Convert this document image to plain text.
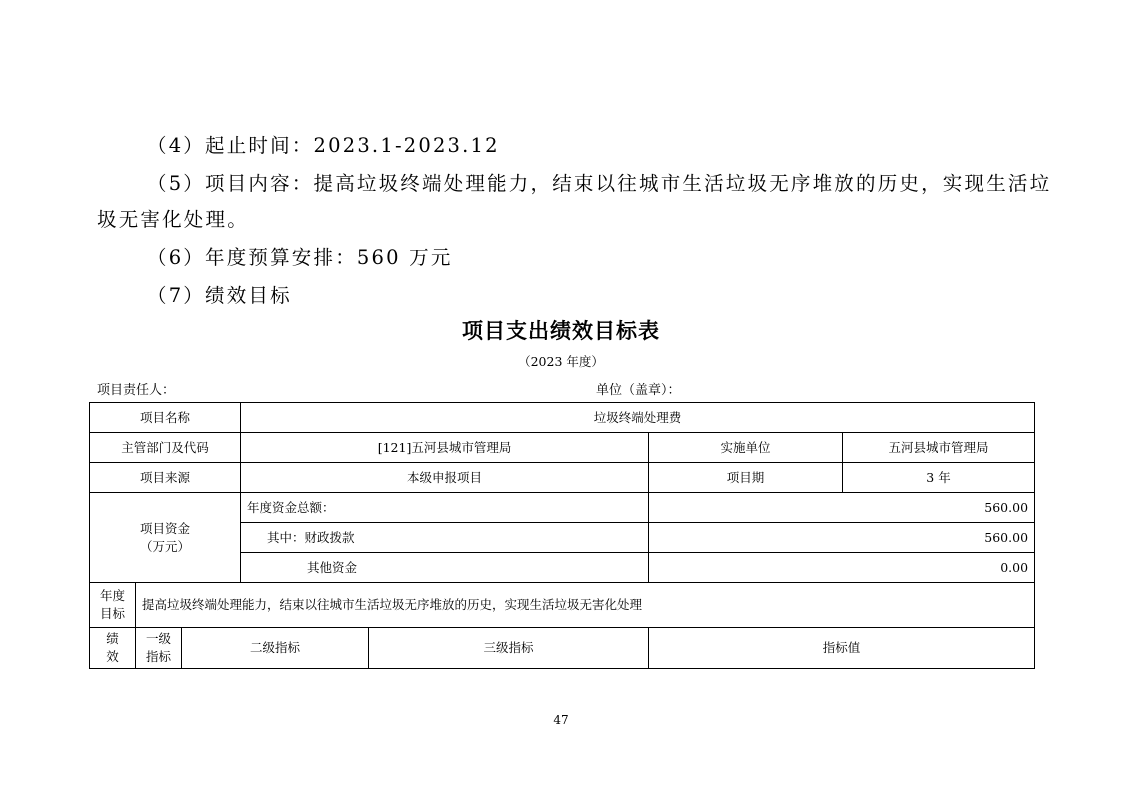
（4）起止时间：2023.1-2023.12
（5）项目内容：提高垃圾终端处理能力，结束以往城市生活垃圾无序堆放的历史，实现生活垃
圾无害化处理。
（6）年度预算安排：560 万元
（7）绩效目标
项目支出绩效目标表
（2023 年度）
项目责任人：	单位（盖章）：
项目名称			垃圾终端处理费			
主管部门及代码			[121]五河县城市管理局		实施单位	五河县城市管理局
项目来源			本级申报项目		项目期	3 年

项目资金
（万元）			年度资金总额：		560.00	
			其中：财政拨款		560.00	
			其他资金		0.00	

年度
目标	提高垃圾终端处理能力，结束以往城市生活垃圾无序堆放的历史，实现生活垃圾无害化处理					

绩
效	一级
指标	二级指标		三级指标	指标值	
47
